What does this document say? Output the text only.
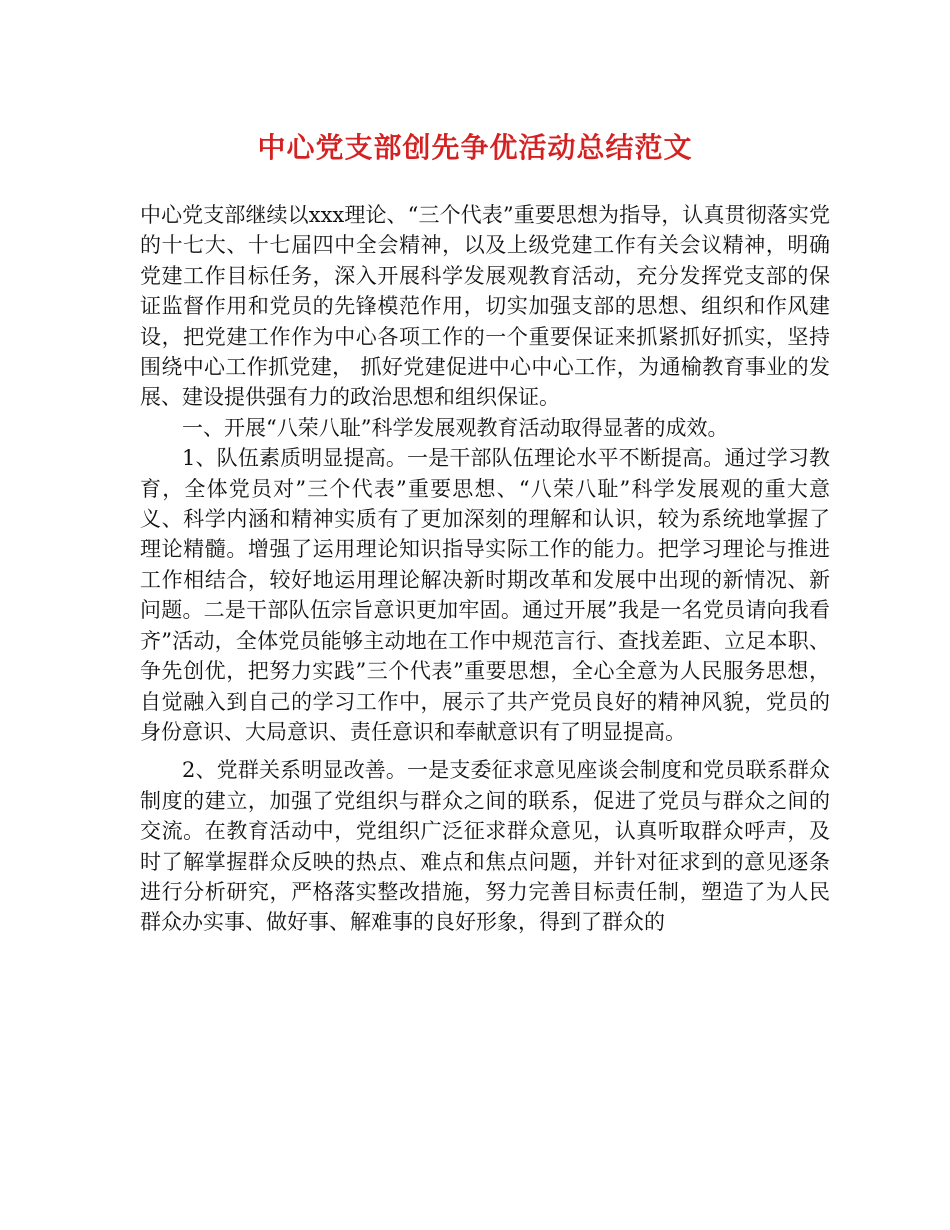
中心党支部创先争优活动总结范文

中心党支部继续以xxx理论、“三个代表”重要思想为指导，认真贯彻落实党的十七大、十七届四中全会精神，以及上级党建工作有关会议精神，明确党建工作目标任务，深入开展科学发展观教育活动，充分发挥党支部的保证监督作用和党员的先锋模范作用，切实加强支部的思想、组织和作风建设，把党建工作作为中心各项工作的一个重要保证来抓紧抓好抓实，坚持围绕中心工作抓党建， 抓好党建促进中心中心工作，为通榆教育事业的发展、建设提供强有力的政治思想和组织保证。

一、开展“八荣八耻”科学发展观教育活动取得显著的成效。

1、队伍素质明显提高。一是干部队伍理论水平不断提高。通过学习教育，全体党员对”三个代表”重要思想、“八荣八耻”科学发展观的重大意义、科学内涵和精神实质有了更加深刻的理解和认识，较为系统地掌握了理论精髓。增强了运用理论知识指导实际工作的能力。把学习理论与推进工作相结合，较好地运用理论解决新时期改革和发展中出现的新情况、新问题。二是干部队伍宗旨意识更加牢固。通过开展”我是一名党员请向我看齐”活动，全体党员能够主动地在工作中规范言行、查找差距、立足本职、争先创优，把努力实践”三个代表”重要思想，全心全意为人民服务思想，自觉融入到自己的学习工作中，展示了共产党员良好的精神风貌，党员的身份意识、大局意识、责任意识和奉献意识有了明显提高。

2、党群关系明显改善。一是支委征求意见座谈会制度和党员联系群众制度的建立，加强了党组织与群众之间的联系，促进了党员与群众之间的交流。在教育活动中，党组织广泛征求群众意见，认真听取群众呼声，及时了解掌握群众反映的热点、难点和焦点问题，并针对征求到的意见逐条进行分析研究，严格落实整改措施，努力完善目标责任制，塑造了为人民群众办实事、做好事、解难事的良好形象，得到了群众的
